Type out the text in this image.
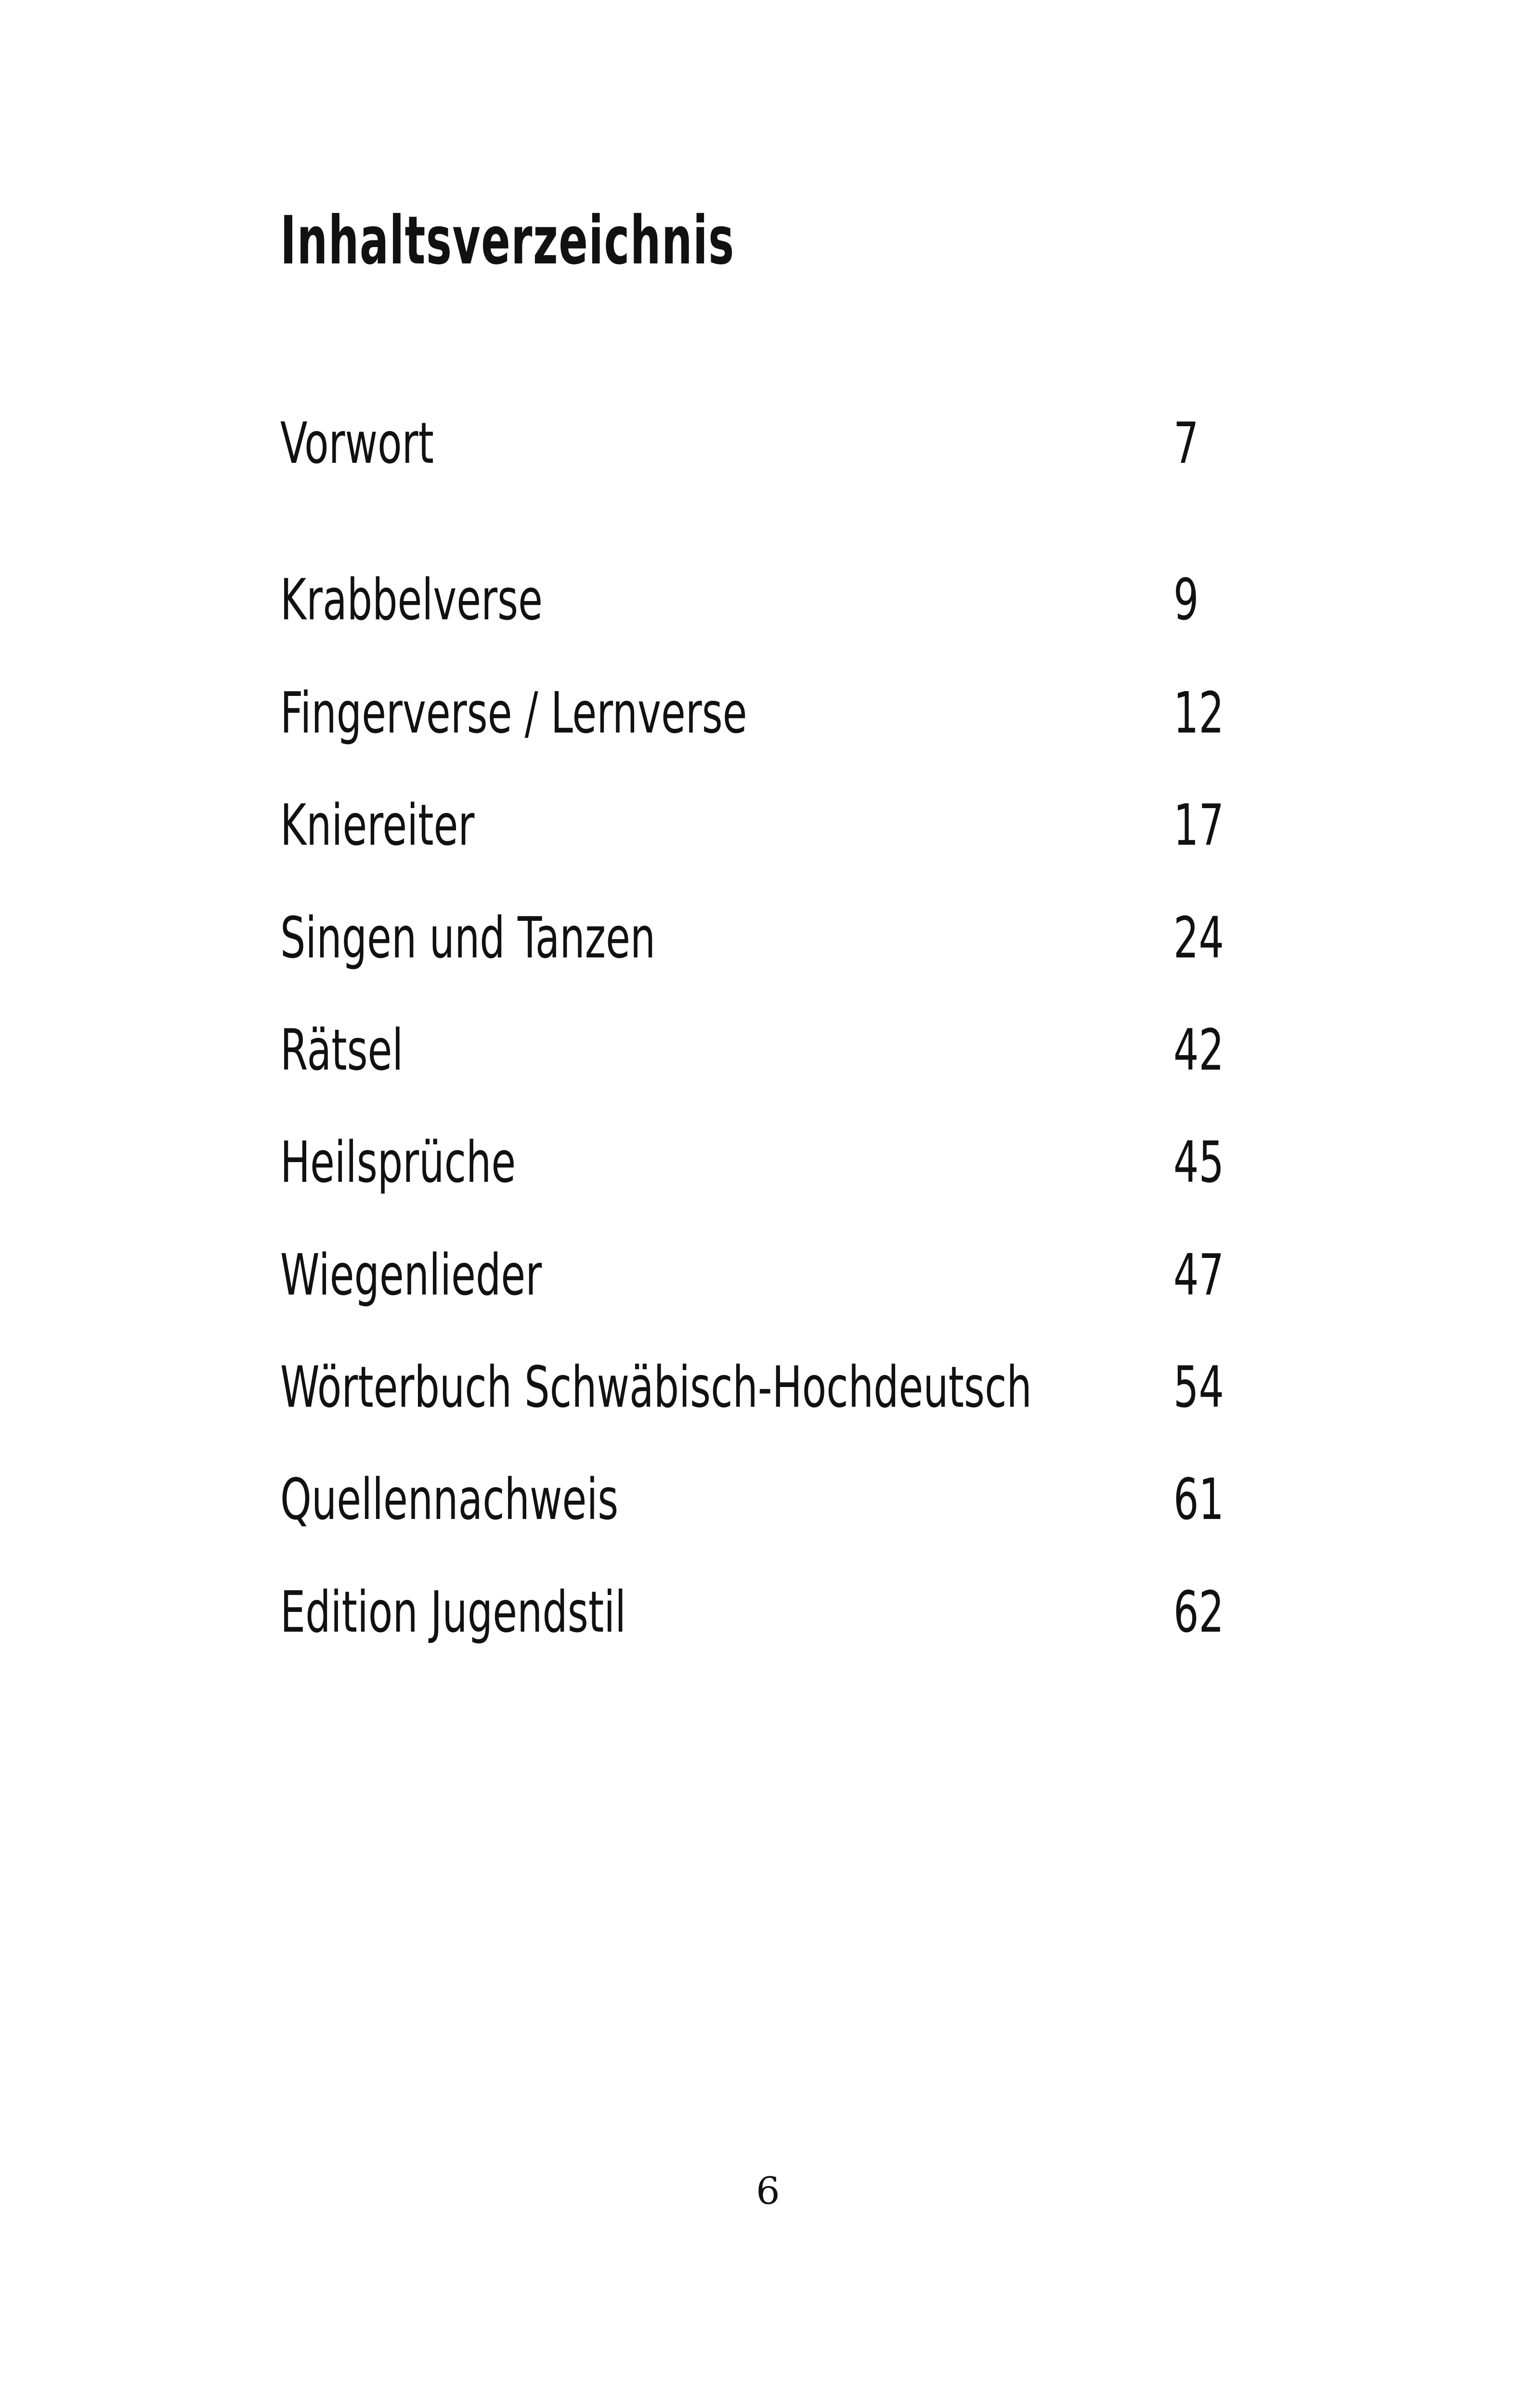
Inhaltsverzeichnis
Vorwort	7
Krabbelverse	9
Fingerverse / Lernverse	12
Kniereiter	17
Singen und Tanzen	24
Rätsel	42
Heilsprüche	45
Wiegenlieder	47
Wörterbuch Schwäbisch-Hochdeutsch 54
Quellennachweis	61
Edition Jugendstil	62
6
